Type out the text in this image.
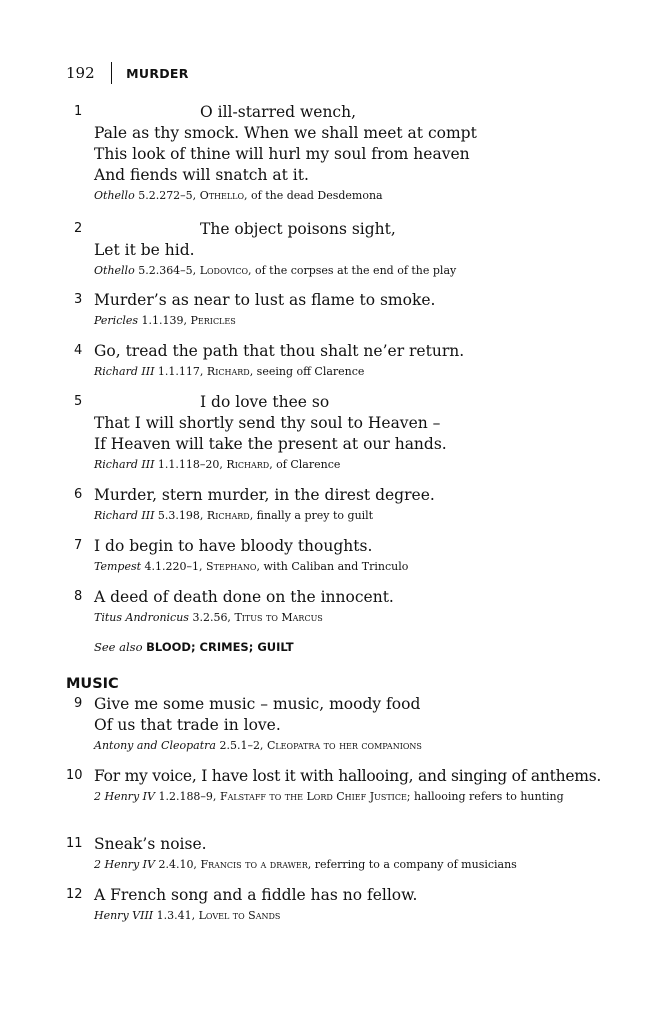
192	MURDER
1	O ill-starred wench,
Pale as thy smock. When we shall meet at compt
This look of thine will hurl my soul from heaven
And fiends will snatch at it.
Othello 5.2.272–5, Othello, of the dead Desdemona
2	The object poisons sight,
Let it be hid.
Othello 5.2.364–5, Lodovico, of the corpses at the end of the play
3 Murder’s as near to lust as flame to smoke.
Pericles 1.1.139, Pericles
4 Go, tread the path that thou shalt ne’er return.
Richard III 1.1.117, Richard, seeing off Clarence
5	I do love thee so
That I will shortly send thy soul to Heaven –
If Heaven will take the present at our hands.
Richard III 1.1.118–20, Richard, of Clarence
6 Murder, stern murder, in the direst degree.
Richard III 5.3.198, Richard, finally a prey to guilt
7 I do begin to have bloody thoughts.
Tempest 4.1.220–1, Stephano, with Caliban and Trinculo
8 A deed of death done on the innocent.
Titus Andronicus 3.2.56, Titus to Marcus
See also BLOOD; CRIMES; GUILT
MUSIC
9 Give me some music – music, moody food
Of us that trade in love.
Antony and Cleopatra 2.5.1–2, Cleopatra to her companions
10 For my voice, I have lost it with hallooing, and singing of anthems.
2 Henry IV 1.2.188–9, Falstaff to the Lord Chief Justice; hallooing refers to hunting
11 Sneak’s noise.
2 Henry IV 2.4.10, Francis to a drawer, referring to a company of musicians
12 A French song and a fiddle has no fellow.
Henry VIII 1.3.41, Lovel to Sands
